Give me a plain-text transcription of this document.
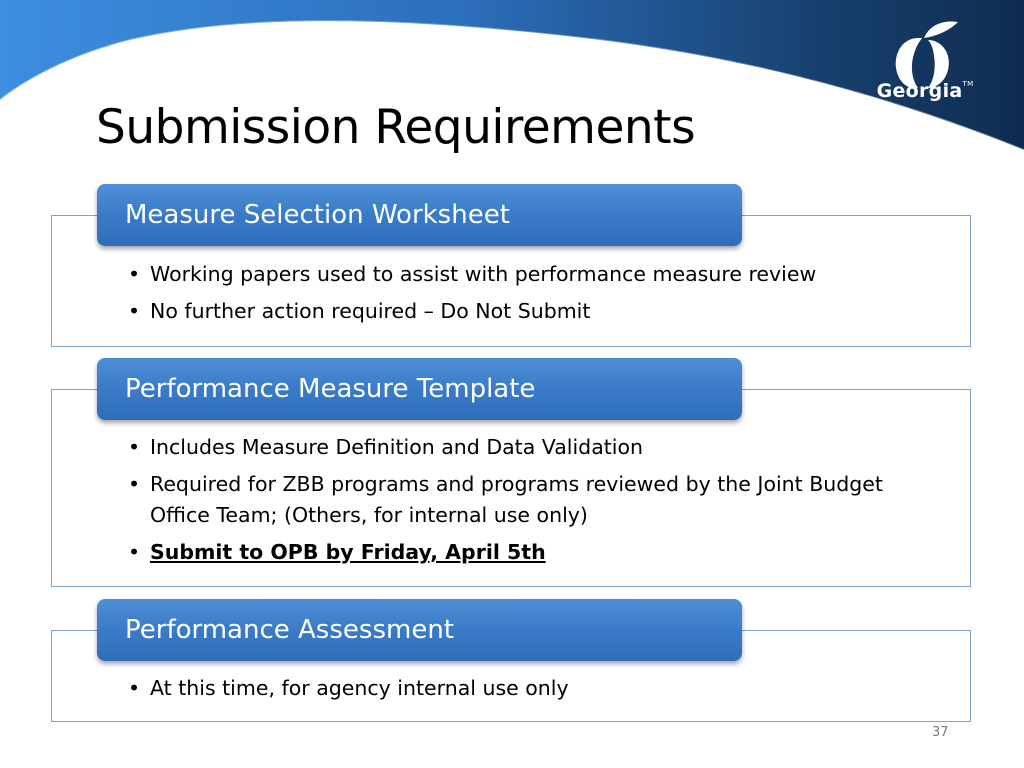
Georgia™
Submission Requirements
Measure Selection Worksheet
• Working papers used to assist with performance measure review
• No further action required – Do Not Submit
Performance Measure Template
• Includes Measure Definition and Data Validation
• Required for ZBB programs and programs reviewed by the Joint Budget Office Team; (Others, for internal use only)
• Submit to OPB by Friday, April 5th
Performance Assessment
• At this time, for agency internal use only
37
